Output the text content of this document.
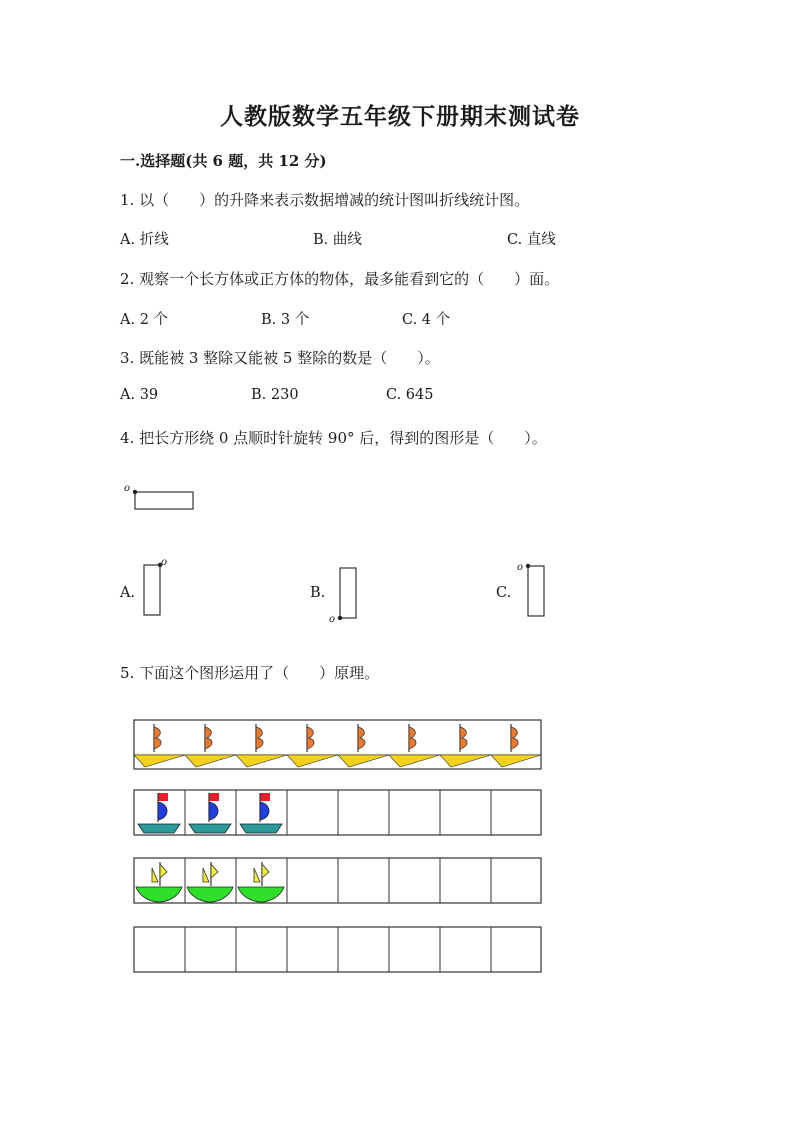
人教版数学五年级下册期末测试卷
一.选择题(共 6 题，共 12 分)
1. 以（　　）的升降来表示数据增减的统计图叫折线统计图。
A. 折线	B. 曲线	C. 直线
2. 观察一个长方体或正方体的物体，最多能看到它的（　　）面。
A. 2 个	B. 3 个	C. 4 个
3. 既能被 3 整除又能被 5 整除的数是（　　）。
A. 39	B. 230	C. 645
4. 把长方形绕 0 点顺时针旋转 90° 后，得到的图形是（　　）。
o
A.	B.	C.
o
o
o
5. 下面这个图形运用了（　　）原理。
